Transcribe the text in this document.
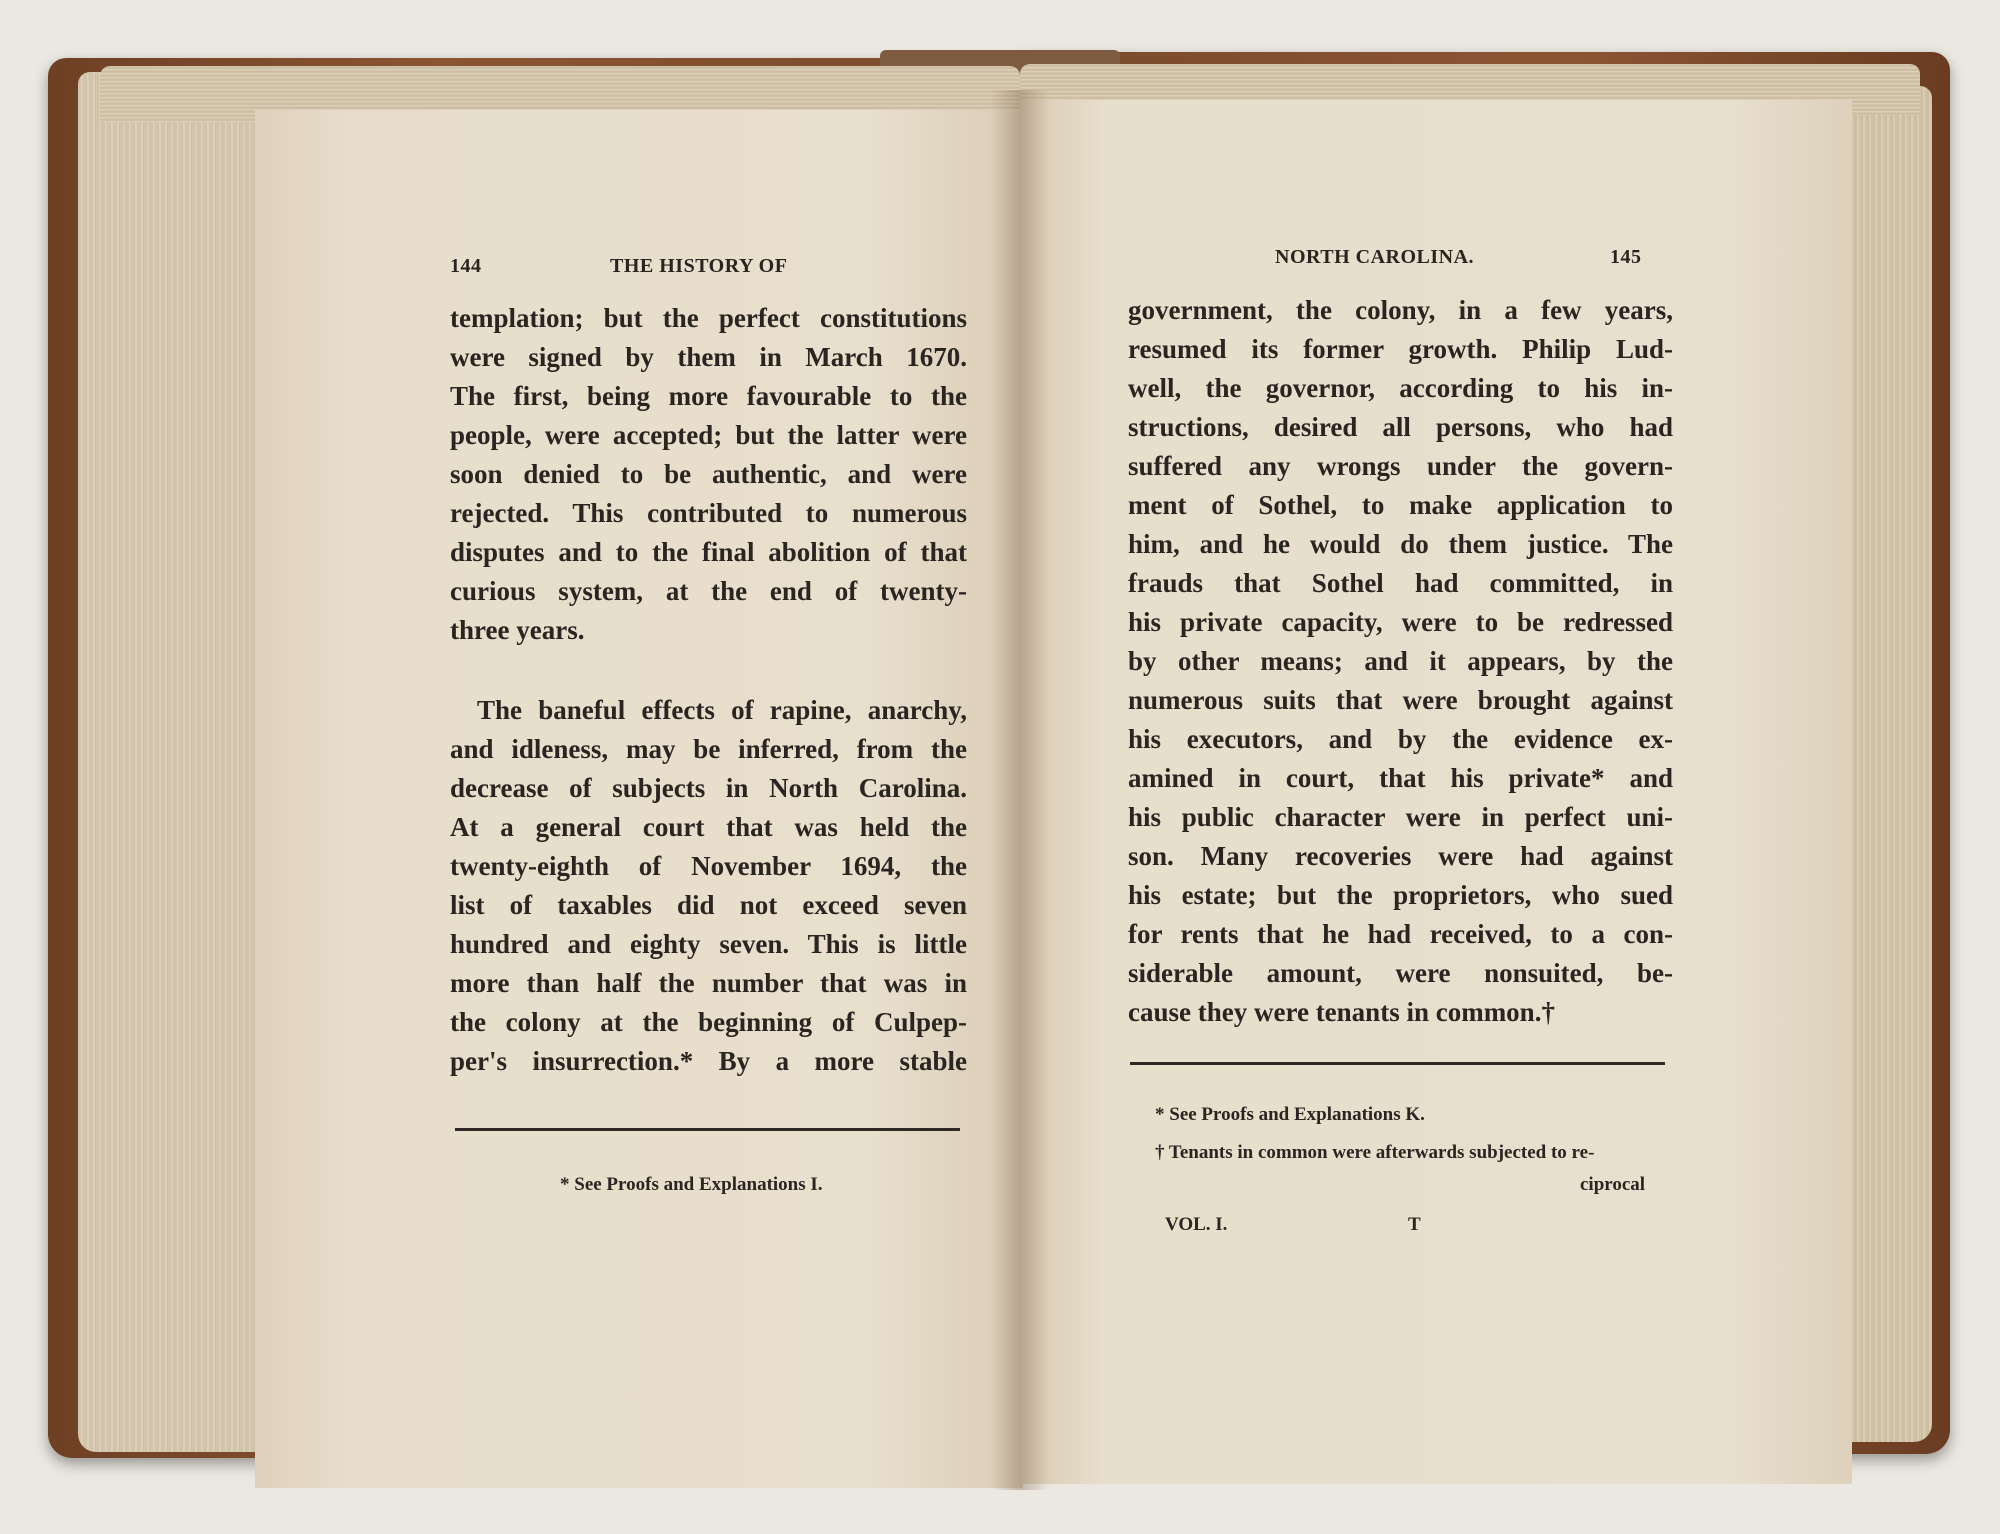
144	THE HISTORY OF
templation; but the perfect constitutions
were signed by them in March 1670.
The first, being more favourable to the
people, were accepted; but the latter were
soon denied to be authentic, and were
rejected. This contributed to numerous
disputes and to the final abolition of that
curious system, at the end of twenty-
three years.
The baneful effects of rapine, anarchy,
and idleness, may be inferred, from the
decrease of subjects in North Carolina.
At a general court that was held the
twenty-eighth of November 1694, the
list of taxables did not exceed seven
hundred and eighty seven. This is little
more than half the number that was in
the colony at the beginning of Culpep-
per's insurrection.* By a more stable
* See Proofs and Explanations I.
NORTH CAROLINA.	145
government, the colony, in a few years,
resumed its former growth. Philip Lud-
well, the governor, according to his in-
structions, desired all persons, who had
suffered any wrongs under the govern-
ment of Sothel, to make application to
him, and he would do them justice. The
frauds that Sothel had committed, in
his private capacity, were to be redressed
by other means; and it appears, by the
numerous suits that were brought against
his executors, and by the evidence ex-
amined in court, that his private* and
his public character were in perfect uni-
son. Many recoveries were had against
his estate; but the proprietors, who sued
for rents that he had received, to a con-
siderable amount, were nonsuited, be-
cause they were tenants in common.†
* See Proofs and Explanations K.
† Tenants in common were afterwards subjected to re-
ciprocal
VOL. I.	T
